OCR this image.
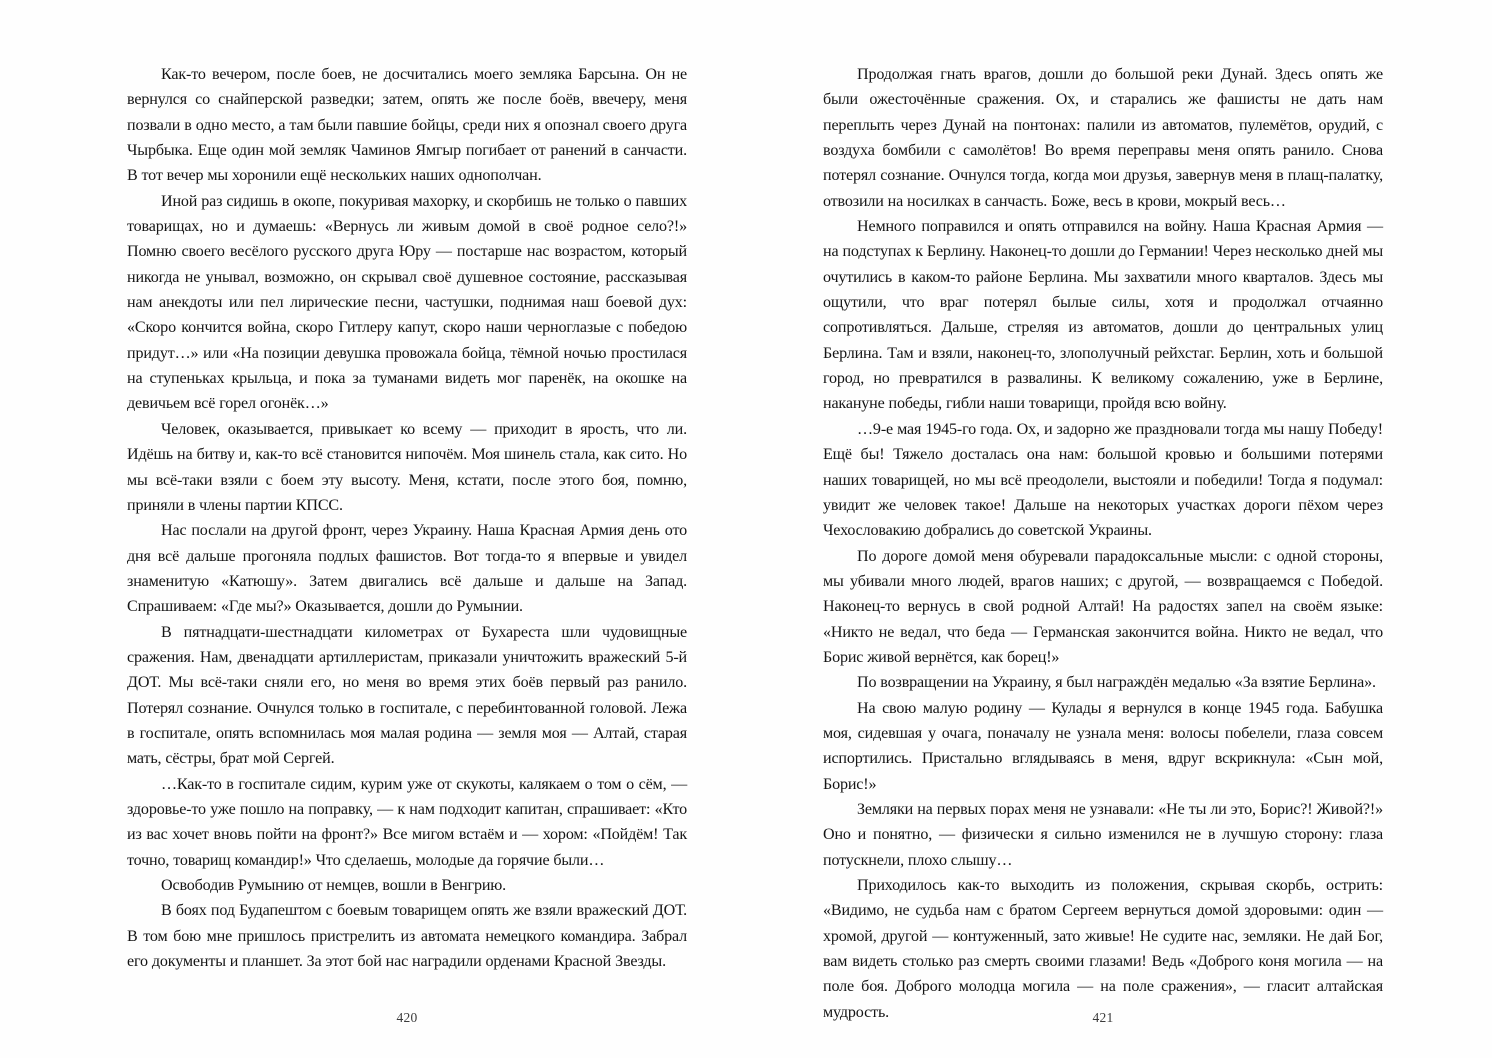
Как-то вечером, после боев, не досчитались моего земляка Барсына. Он не вернулся со снайперской разведки; затем, опять же после боёв, ввечеру, меня позвали в одно место, а там были павшие бойцы, среди них я опознал своего друга Чырбыка. Еще один мой земляк Чаминов Ямгыр погибает от ранений в санчасти. В тот вечер мы хоронили ещё нескольких наших однополчан.

Иной раз сидишь в окопе, покуривая махорку, и скорбишь не только о павших товарищах, но и думаешь: «Вернусь ли живым домой в своё родное село?!» Помню своего весёлого русского друга Юру — постарше нас возрастом, который никогда не унывал, возможно, он скрывал своё душевное состояние, рассказывая нам анекдоты или пел лирические песни, частушки, поднимая наш боевой дух: «Скоро кончится война, скоро Гитлеру капут, скоро наши черноглазые с победою придут…» или «На позиции девушка провожала бойца, тёмной ночью простилася на ступеньках крыльца, и пока за туманами видеть мог паренёк, на окошке на девичьем всё горел огонёк…»

Человек, оказывается, привыкает ко всему — приходит в ярость, что ли. Идёшь на битву и, как-то всё становится нипочём. Моя шинель стала, как сито. Но мы всё-таки взяли с боем эту высоту. Меня, кстати, после этого боя, помню, приняли в члены партии КПСС.

Нас послали на другой фронт, через Украину. Наша Красная Армия день ото дня всё дальше прогоняла подлых фашистов. Вот тогда-то я впервые и увидел знаменитую «Катюшу». Затем двигались всё дальше и дальше на Запад. Спрашиваем: «Где мы?» Оказывается, дошли до Румынии.

В пятнадцати-шестнадцати километрах от Бухареста шли чудовищные сражения. Нам, двенадцати артиллеристам, приказали уничтожить вражеский 5-й ДОТ. Мы всё-таки сняли его, но меня во время этих боёв первый раз ранило. Потерял сознание. Очнулся только в госпитале, с перебинтованной головой. Лежа в госпитале, опять вспомнилась моя малая родина — земля моя — Алтай, старая мать, сёстры, брат мой Сергей.

…Как-то в госпитале сидим, курим уже от скукоты, калякаем о том о сём, — здоровье-то уже пошло на поправку, — к нам подходит капитан, спрашивает: «Кто из вас хочет вновь пойти на фронт?» Все мигом встаём и — хором: «Пойдём! Так точно, товарищ командир!» Что сделаешь, молодые да горячие были…

Освободив Румынию от немцев, вошли в Венгрию.

В боях под Будапештом с боевым товарищем опять же взяли вражеский ДОТ. В том бою мне пришлось пристрелить из автомата немецкого командира. Забрал его документы и планшет. За этот бой нас наградили орденами Красной Звезды.

420

Продолжая гнать врагов, дошли до большой реки Дунай. Здесь опять же были ожесточённые сражения. Ох, и старались же фашисты не дать нам переплыть через Дунай на понтонах: палили из автоматов, пулемётов, орудий, с воздуха бомбили с самолётов! Во время переправы меня опять ранило. Снова потерял сознание. Очнулся тогда, когда мои друзья, завернув меня в плащ-палатку, отвозили на носилках в санчасть. Боже, весь в крови, мокрый весь…

Немного поправился и опять отправился на войну. Наша Красная Армия — на подступах к Берлину. Наконец-то дошли до Германии! Через несколько дней мы очутились в каком-то районе Берлина. Мы захватили много кварталов. Здесь мы ощутили, что враг потерял былые силы, хотя и продолжал отчаянно сопротивляться. Дальше, стреляя из автоматов, дошли до центральных улиц Берлина. Там и взяли, наконец-то, злополучный рейхстаг. Берлин, хоть и большой город, но превратился в развалины. К великому сожалению, уже в Берлине, накануне победы, гибли наши товарищи, пройдя всю войну.

…9-е мая 1945-го года. Ох, и задорно же праздновали тогда мы нашу Победу! Ещё бы! Тяжело досталась она нам: большой кровью и большими потерями наших товарищей, но мы всё преодолели, выстояли и победили! Тогда я подумал: увидит же человек такое! Дальше на некоторых участках дороги пёхом через Чехословакию добрались до советской Украины.

По дороге домой меня обуревали парадоксальные мысли: с одной стороны, мы убивали много людей, врагов наших; с другой, — возвращаемся с Победой. Наконец-то вернусь в свой родной Алтай! На радостях запел на своём языке: «Никто не ведал, что беда — Германская закончится война. Никто не ведал, что Борис живой вернётся, как борец!»

По возвращении на Украину, я был награждён медалью «За взятие Берлина».

На свою малую родину — Кулады я вернулся в конце 1945 года. Бабушка моя, сидевшая у очага, поначалу не узнала меня: волосы побелели, глаза совсем испортились. Пристально вглядываясь в меня, вдруг вскрикнула: «Сын мой, Борис!»

Земляки на первых порах меня не узнавали: «Не ты ли это, Борис?! Живой?!» Оно и понятно, — физически я сильно изменился не в лучшую сторону: глаза потускнели, плохо слышу…

Приходилось как-то выходить из положения, скрывая скорбь, острить: «Видимо, не судьба нам с братом Сергеем вернуться домой здоровыми: один — хромой, другой — контуженный, зато живые! Не судите нас, земляки. Не дай Бог, вам видеть столько раз смерть своими глазами! Ведь «Доброго коня могила — на поле боя. Доброго молодца могила — на поле сражения», — гласит алтайская мудрость.	421
